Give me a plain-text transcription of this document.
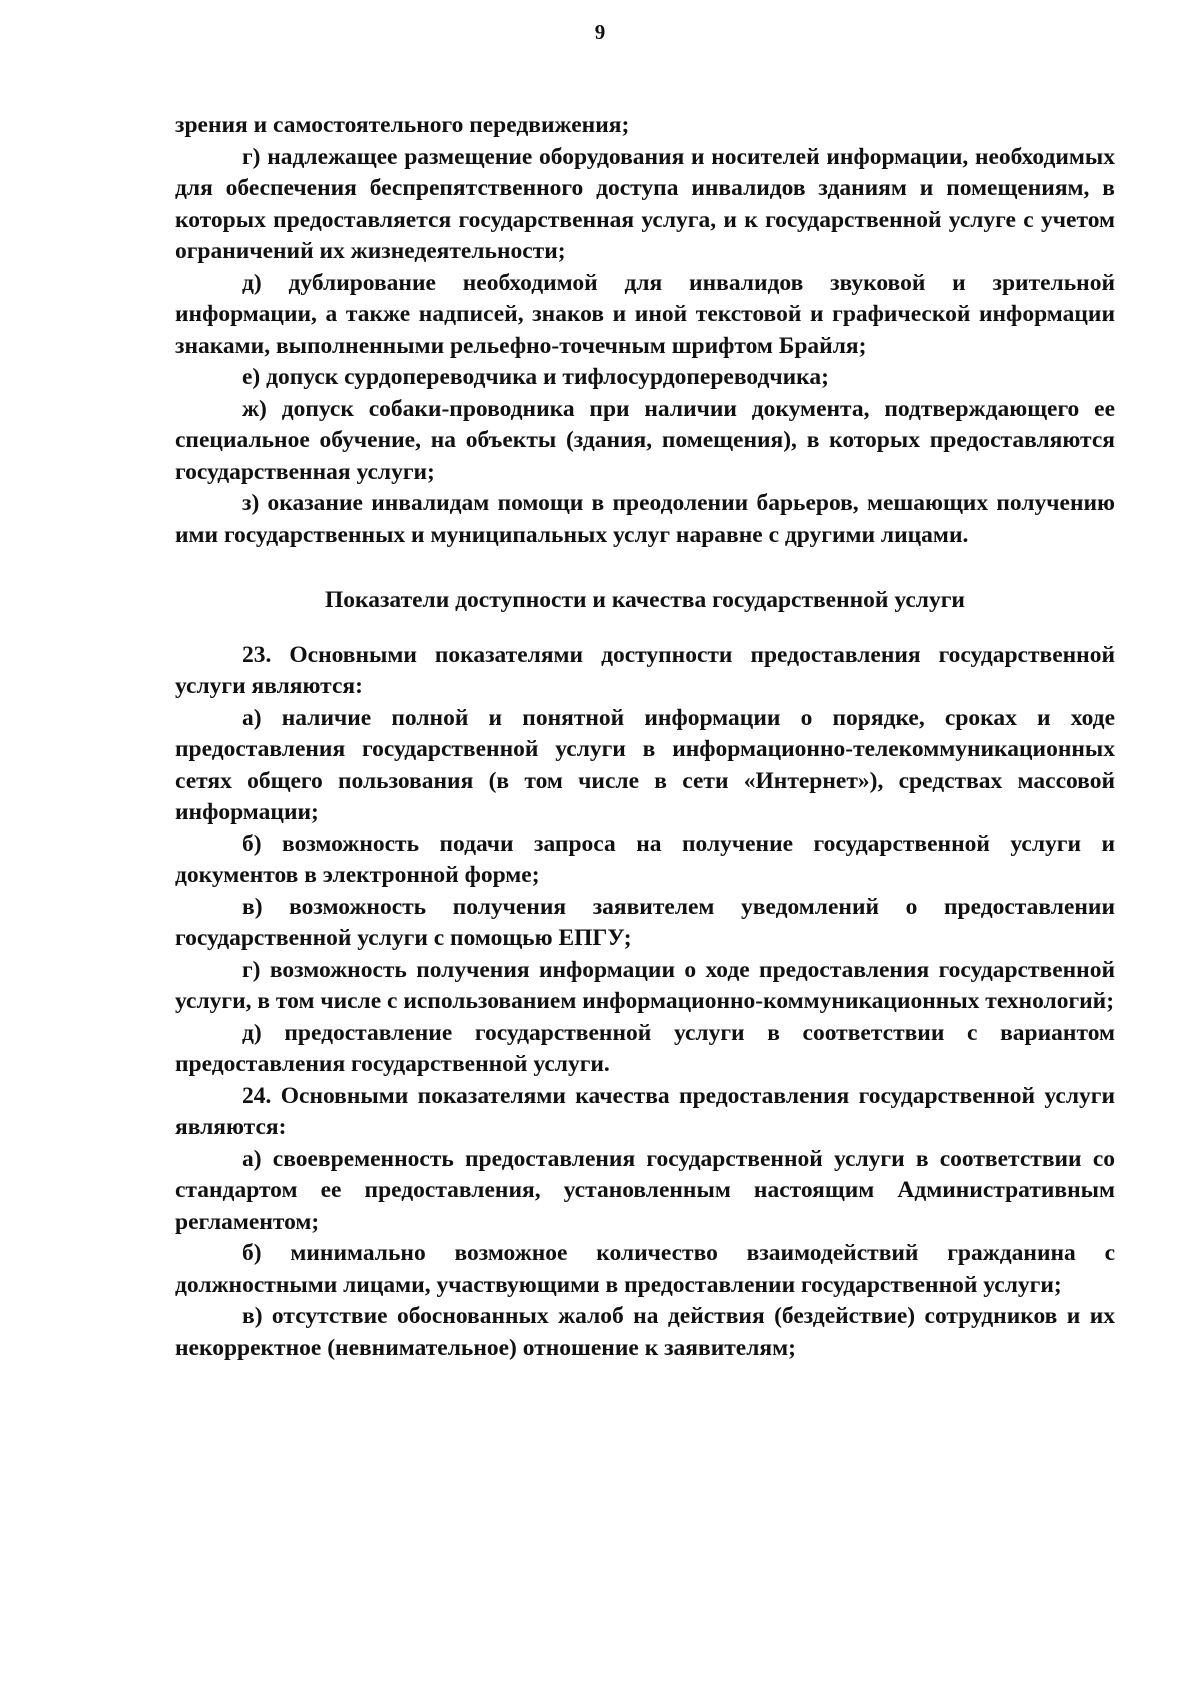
9

зрения и самостоятельного передвижения;

г) надлежащее размещение оборудования и носителей информации, необходимых для обеспечения беспрепятственного доступа инвалидов зданиям и помещениям, в которых предоставляется государственная услуга, и к государственной услуге с учетом ограничений их жизнедеятельности;

д) дублирование необходимой для инвалидов звуковой и зрительной информации, а также надписей, знаков и иной текстовой и графической информации знаками, выполненными рельефно-точечным шрифтом Брайля;

е) допуск сурдопереводчика и тифлосурдопереводчика;

ж) допуск собаки-проводника при наличии документа, подтверждающего ее специальное обучение, на объекты (здания, помещения), в которых предоставляются государственная услуги;

з) оказание инвалидам помощи в преодолении барьеров, мешающих получению ими государственных и муниципальных услуг наравне с другими лицами.

Показатели доступности и качества государственной услуги

23. Основными показателями доступности предоставления государственной услуги являются:

а) наличие полной и понятной информации о порядке, сроках и ходе предоставления государственной услуги в информационно-телекоммуникационных сетях общего пользования (в том числе в сети «Интернет»), средствах массовой информации;

б) возможность подачи запроса на получение государственной услуги и документов в электронной форме;

в) возможность получения заявителем уведомлений о предоставлении государственной услуги с помощью ЕПГУ;

г) возможность получения информации о ходе предоставления государственной услуги, в том числе с использованием информационно-коммуникационных технологий;

д) предоставление государственной услуги в соответствии с вариантом предоставления государственной услуги.

24. Основными показателями качества предоставления государственной услуги являются:

а) своевременность предоставления государственной услуги в соответствии со стандартом ее предоставления, установленным настоящим Административным регламентом;

б) минимально возможное количество взаимодействий гражданина с должностными лицами, участвующими в предоставлении государственной услуги;

в) отсутствие обоснованных жалоб на действия (бездействие) сотрудников и их некорректное (невнимательное) отношение к заявителям;
